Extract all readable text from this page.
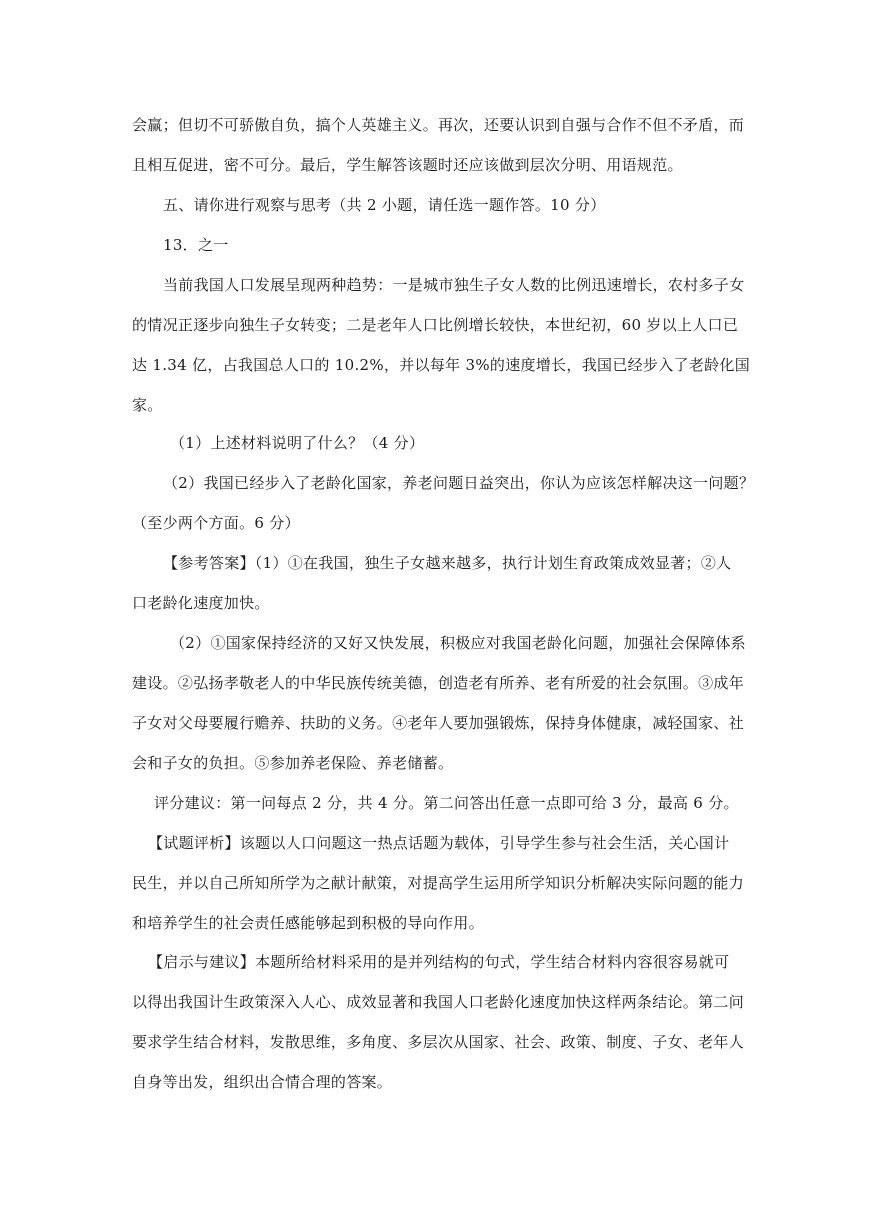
会赢；但切不可骄傲自负，搞个人英雄主义。再次，还要认识到自强与合作不但不矛盾，而
且相互促进，密不可分。最后，学生解答该题时还应该做到层次分明、用语规范。
五、请你进行观察与思考（共 2 小题，请任选一题作答。10 分）
13．之一
当前我国人口发展呈现两种趋势：一是城市独生子女人数的比例迅速增长，农村多子女
的情况正逐步向独生子女转变；二是老年人口比例增长较快，本世纪初，60 岁以上人口已
达 1.34 亿，占我国总人口的 10.2%，并以每年 3%的速度增长，我国已经步入了老龄化国
家。
（1）上述材料说明了什么？（4 分）
（2）我国已经步入了老龄化国家，养老问题日益突出，你认为应该怎样解决这一问题？
（至少两个方面。6 分）
【参考答案】（1）①在我国，独生子女越来越多，执行计划生育政策成效显著；②人
口老龄化速度加快。
（2）①国家保持经济的又好又快发展，积极应对我国老龄化问题，加强社会保障体系
建设。②弘扬孝敬老人的中华民族传统美德，创造老有所养、老有所爱的社会氛围。③成年
子女对父母要履行赡养、扶助的义务。④老年人要加强锻炼，保持身体健康，减轻国家、社
会和子女的负担。⑤参加养老保险、养老储蓄。
评分建议：第一问每点 2 分，共 4 分。第二问答出任意一点即可给 3 分，最高 6 分。
【试题评析】该题以人口问题这一热点话题为载体，引导学生参与社会生活，关心国计
民生，并以自己所知所学为之献计献策，对提高学生运用所学知识分析解决实际问题的能力
和培养学生的社会责任感能够起到积极的导向作用。
【启示与建议】本题所给材料采用的是并列结构的句式，学生结合材料内容很容易就可
以得出我国计生政策深入人心、成效显著和我国人口老龄化速度加快这样两条结论。第二问
要求学生结合材料，发散思维，多角度、多层次从国家、社会、政策、制度、子女、老年人
自身等出发，组织出合情合理的答案。
